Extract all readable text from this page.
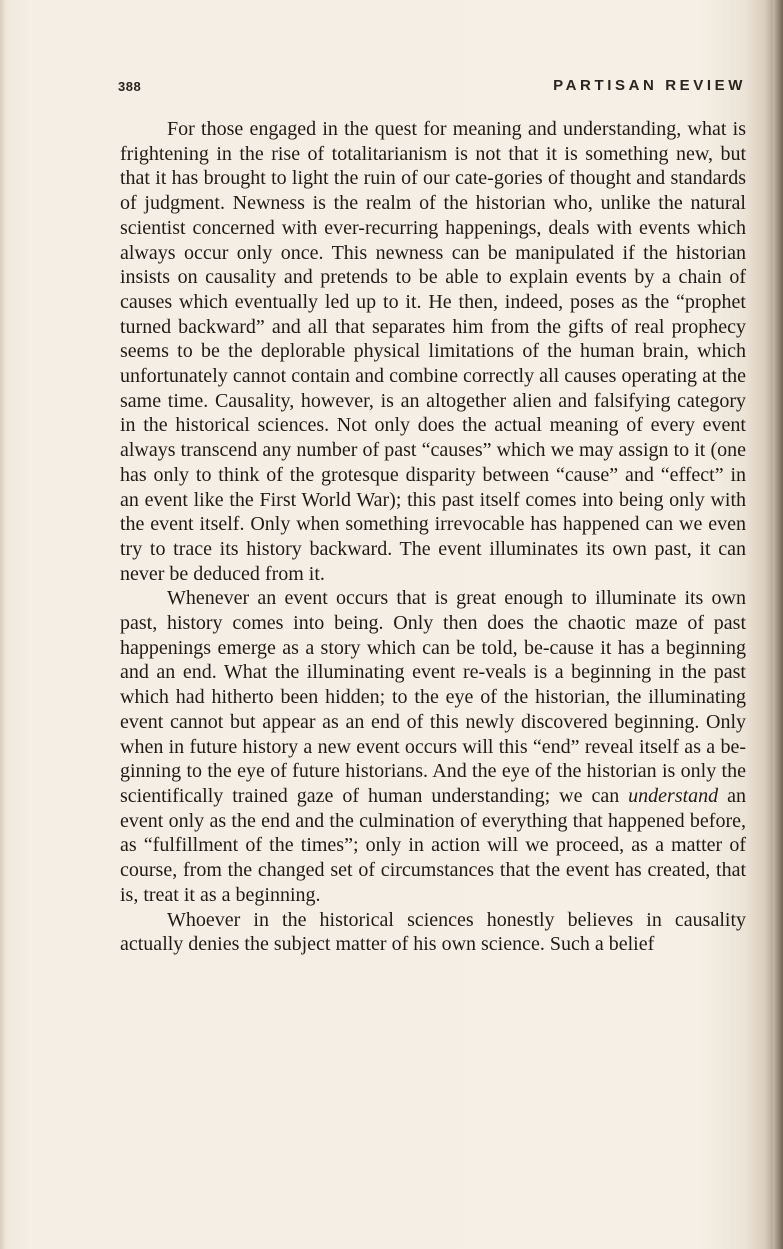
388	PARTISAN REVIEW

For those engaged in the quest for meaning and understanding, what is frightening in the rise of totalitarianism is not that it is something new, but that it has brought to light the ruin of our cate-gories of thought and standards of judgment. Newness is the realm of the historian who, unlike the natural scientist concerned with ever-recurring happenings, deals with events which always occur only once. This newness can be manipulated if the historian insists on causality and pretends to be able to explain events by a chain of causes which eventually led up to it. He then, indeed, poses as the “prophet turned backward” and all that separates him from the gifts of real prophecy seems to be the deplorable physical limitations of the human brain, which unfortunately cannot contain and combine correctly all causes operating at the same time. Causality, however, is an altogether alien and falsifying category in the historical sciences. Not only does the actual meaning of every event always transcend any number of past “causes” which we may assign to it (one has only to think of the grotesque disparity between “cause” and “effect” in an event like the First World War); this past itself comes into being only with the event itself. Only when something irrevocable has happened can we even try to trace its history backward. The event illuminates its own past, it can never be deduced from it.

Whenever an event occurs that is great enough to illuminate its own past, history comes into being. Only then does the chaotic maze of past happenings emerge as a story which can be told, be-cause it has a beginning and an end. What the illuminating event re-veals is a beginning in the past which had hitherto been hidden; to the eye of the historian, the illuminating event cannot but appear as an end of this newly discovered beginning. Only when in future history a new event occurs will this “end” reveal itself as a be-ginning to the eye of future historians. And the eye of the historian is only the scientifically trained gaze of human understanding; we can understand an event only as the end and the culmination of everything that happened before, as “fulfillment of the times”; only in action will we proceed, as a matter of course, from the changed set of circumstances that the event has created, that is, treat it as a beginning.

Whoever in the historical sciences honestly believes in causality actually denies the subject matter of his own science. Such a belief
